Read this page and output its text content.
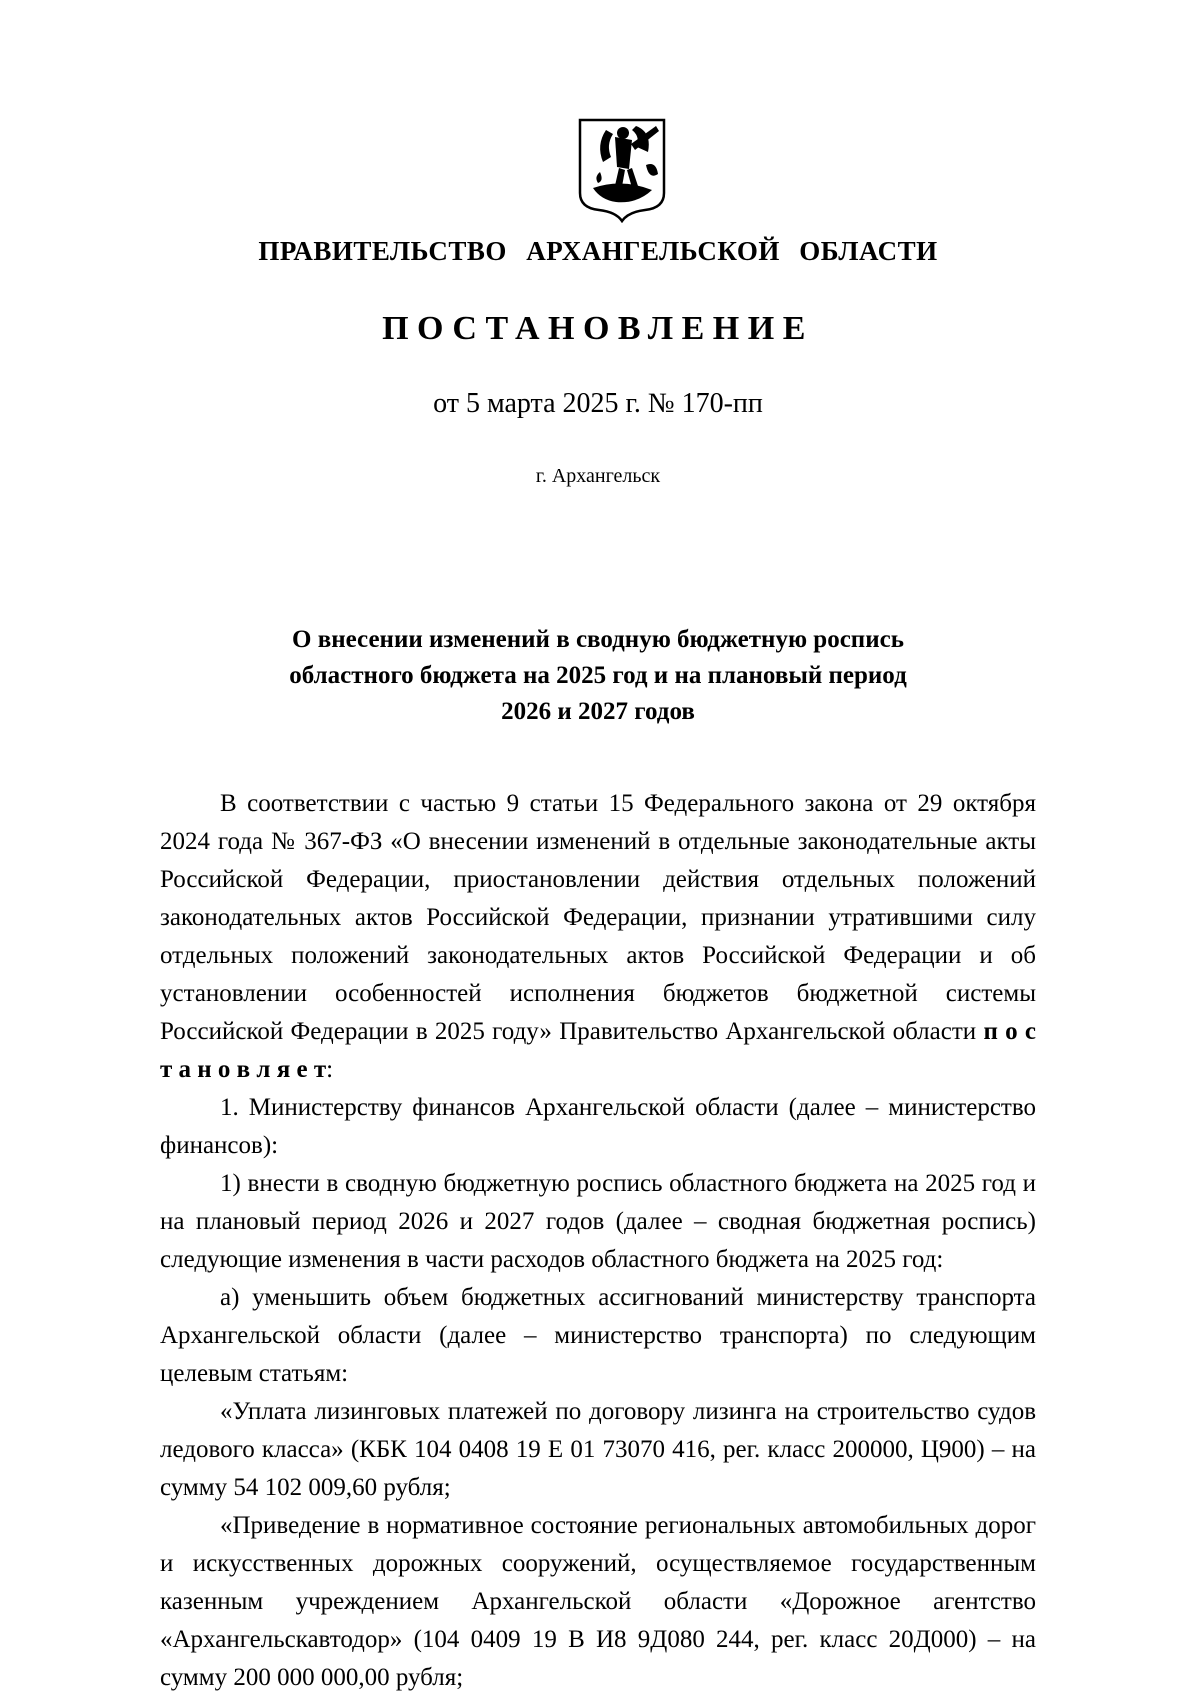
ПРАВИТЕЛЬСТВО АРХАНГЕЛЬСКОЙ ОБЛАСТИ
ПОСТАНОВЛЕНИЕ
от 5 марта 2025 г. № 170-пп
г. Архангельск
О внесении изменений в сводную бюджетную роспись
областного бюджета на 2025 год и на плановый период
2026 и 2027 годов

В соответствии с частью 9 статьи 15 Федерального закона от 29 октября 2024 года № 367-ФЗ «О внесении изменений в отдельные законодательные акты Российской Федерации, приостановлении действия отдельных положений законодательных актов Российской Федерации, признании утратившими силу отдельных положений законодательных актов Российской Федерации и об установлении особенностей исполнения бюджетов бюджетной системы Российской Федерации в 2025 году» Правительство Архангельской области п о с т а н о в л я е т:

1. Министерству финансов Архангельской области (далее – министерство финансов):

1) внести в сводную бюджетную роспись областного бюджета на 2025 год и на плановый период 2026 и 2027 годов (далее – сводная бюджетная роспись) следующие изменения в части расходов областного бюджета на 2025 год:

а) уменьшить объем бюджетных ассигнований министерству транспорта Архангельской области (далее – министерство транспорта) по следующим целевым статьям:

«Уплата лизинговых платежей по договору лизинга на строительство судов ледового класса» (КБК 104 0408 19 Е 01 73070 416, рег. класс 200000, Ц900) – на сумму 54 102 009,60 рубля;

«Приведение в нормативное состояние региональных автомобильных дорог и искусственных дорожных сооружений, осуществляемое государственным казенным учреждением Архангельской области «Дорожное агентство «Архангельскавтодор» (104 0409 19 В И8 9Д080 244, рег. класс 20Д000) – на сумму 200 000 000,00 рубля;
